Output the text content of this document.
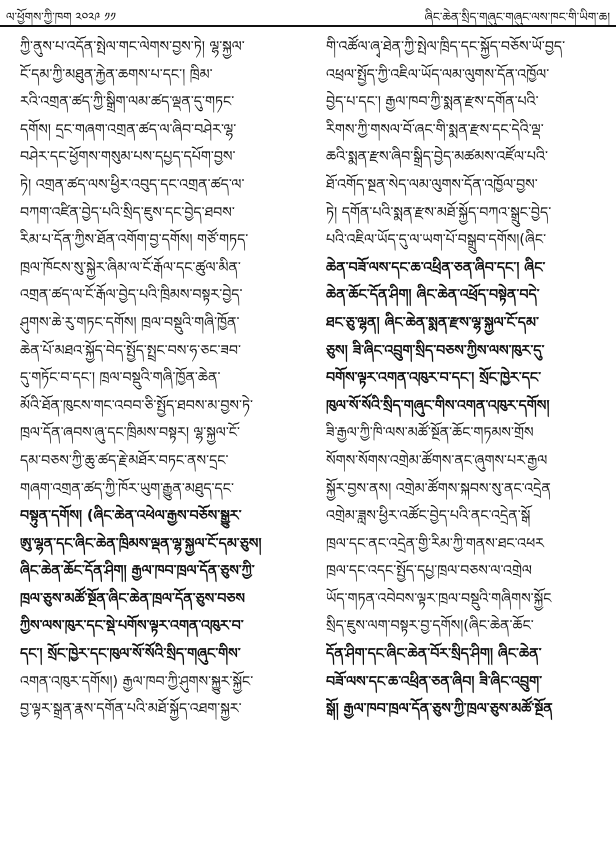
ལ་ཕྱོགས་ཀྱི་ཁག ༢༠༢༩ ༡༡	ཞིང་ཆེན་སྲིད་གཞུང་གཞུང་ལས་ཁང་གི་ཡིག་ཆ།
ཀྱི་ནུས་པ་འདོན་སྤེལ་གང་ལེགས་བྱས་ཏེ། ལྷ་སྐྱལ་
ངོ་དམ་ཀྱི་མཐུན་རྐྱེན་ཆགས་པ་དང་། ཁྲིམ་
རའི་འགྲན་ཚད་ཀྱི་སྒྲིག་ལམ་ཚད་ལྡན་དུ་གཏང་
དགོས། དྲང་གཞག་འགྲན་ཚད་ལ་ཞིབ་བཤེར་ལྷ་
བཤེར་དང་ཕྱོགས་གསུམ་པས་དཔྱད་དཔོག་བྱས་
ཏེ། འགྲན་ཚད་ལས་ཕྱིར་འབུད་དང་འགྲན་ཚད་ལ་
བཀག་འཛིན་བྱེད་པའི་སྲིད་ཇུས་དང་བྱེད་ཐབས་
རིམ་པ་དོན་ཀྱིས་ཐོན་འགོག་བྱ་དགོས། གཙོ་གཏད་
ཁྲལ་ཁོངས་སུ་སྐྱེར་ཞིམ་ལ་ངོ་རྒོལ་དང་ཚུལ་མིན་
འགྲན་ཚད་ལ་ངོ་རྒོལ་བྱེད་པའི་ཁྲིམས་བསྟར་བྱེད་
ཤུགས་ཆེ་རུ་གཏང་དགོས། ཁྲལ་བསྡུའི་གཞི་ཁྱོན་
ཆེན་པོ་མཐའ་སྐྱོད་བེད་སྤྱོད་སྤྲང་བས་ཧ་ཅང་ཟབ་
དུ་གཏོང་བ་དང་། ཁྲལ་བསྡུའི་གཞི་ཁྱོན་ཆེན་
མོའི་ཐོན་ཁུངས་གང་འབབ་ཅི་སྤྱོད་ཐབས་མ་བྱས་ཏེ་
ཁྲལ་དོན་ཞབས་ཞུ་དང་ཁྲིམས་བསྟར། ལྷ་སྐྱལ་ངོ་
དམ་བཅས་ཀྱི་ཆུ་ཚད་རྗེ་མཐོར་བཏང་ནས་དྲང་
གཞག་འགྲན་ཚད་ཀྱི་ཁོར་ཡུག་རྒྱུན་མཐུད་དང་
བསྟུན་དགོས། (ཞིང་ཆེན་འཕེལ་རྒྱས་བཅོས་སྒྱུར་
ཨུ་ལྷན་དང་ཞིང་ཆེན་ཁྲིམས་ལྡན་ལྷ་སྐྱལ་ངོ་དམ་ཅུས།
ཞིང་ཆེན་ཆོང་དོན་ཤིག། རྒྱལ་ཁབ་ཁྲལ་དོན་ཅུས་ཀྱི་
ཁྲལ་ཅུས་མཚོ་སྔོན་ཞིང་ཆེན་ཁྲལ་དོན་ཅུས་བཅས
ཀྱིས་ལས་ཁུར་དང་སྡེ་པགོས་ལྟར་འགན་འཁུར་བ་
དང་། སྲོང་ཁྱེར་དང་ཁུལ་སོ་སོའི་སྲིད་གཞུང་གིས་
འགན་འཁུར་དགོས།) རྒྱལ་ཁབ་ཀྱི་ཤུགས་སྐྱུར་སྐྱོང་
བྱ་ལྟར་སྒྲན་རྣས་དགོན་པའི་མཐོ་སྐྱོད་འཐག་སྐྱར་
གི་འཚོལ་ཞྭ་ཐེན་ཀྱི་སྤེལ་ཁྲིད་དང་སྐྱོད་བཅོས་ཡོ་བྱད་
འཕྲལ་སྤྱོད་ཀྱི་འཇིལ་ཡོད་ལམ་ལུགས་དོན་འཁྱོལ་
བྱེད་པ་དང་། རྒྱལ་ཁབ་ཀྱི་སྨན་རྫས་དགོན་པའི་
རིགས་ཀྱི་གསལ་བོ་ཞང་གི་སྨན་རྫས་དང་དེའི་ལྡ་
ཆའི་སྨན་རྫས་ཞིབ་སྒྲིད་བྱེད་མཚམས་འཛོལ་པའི་
ཐོ་འགོད་སྔན་སེད་ལམ་ལུགས་དོན་འཁྱོལ་བྱས་
ཏེ། དགོན་པའི་སྨན་རྫས་མཐོ་སྐྱོད་བཀའ་སྒྲུང་བྱེད་
པའི་འཇིལ་ཡོད་དུ་ལ་ཡག་པོ་བསྒྲུབ་དགོས།(ཞིང་
ཆེན་བཟོ་ལས་དང་ཆ་འཕྲིན་ཅན་ཞིབ་དང་། ཞིང་
ཆེན་ཆོང་དོན་ཤིག། ཞིང་ཆེན་འཕྲོད་བསྟེན་བདེ་
ཐང་ཅུ་ལྷན། ཞིང་ཆེན་སྨན་རྫས་ལྷ་སྐྱལ་ངོ་དམ་
ཅུས། ཟི་ཞིང་འབྲུག་སྲིད་བཅས་ཀྱིས་ལས་ཁུར་དུ་
བགོས་ལྟར་འགན་འཁུར་བ་དང་། སྲོང་ཁྱེར་དང་
ཁུལ་སོ་སོའི་སྲིད་གཞུང་གིས་འགན་འཁུར་དགོས།
ཟི་རྒྱལ་ཀྱི་ཁི་ལས་མཚོ་སྔོན་ཆོང་གཏམས་གྲོས
སོགས་སོགས་འགྲེམ་ཚོགས་ནང་ཞུགས་པར་རྒྱལ
སྐྱོར་བྱས་ནས། འགྲེམ་ཚོགས་སྐབས་སུ་ནང་འདྲེན
འགྲེམ་ཟླས་ཕྱིར་འཚོང་བྱེད་པའི་ནང་འདྲེན་སྒོ
ཁྲལ་དང་ནང་འདྲེན་གྱི་རིམ་ཀྱི་གནས་ཐང་འཕར
ཁྲལ་དང་འདང་སྤྱོད་དཔྱ་ཁྲལ་བཅས་ལ་འགྲེལ
ཡོད་གཏན་འབེབས་ལྟར་ཁྲལ་བསྡུའི་གཞིགས་སྐྱོང
སྲིད་ཇུས་ལག་བསྟར་བྱ་དགོས།(ཞིང་ཆེན་ཆོང་
དོན་ཤིག་དང་ཞིང་ཆེན་བོར་སྲིད་ཤིག། ཞིང་ཆེན་
བཟོ་ལས་དང་ཆ་འཕྲིན་ཅན་ཞིབ། ཟི་ཞིང་འབྲུག་
སྒོ། རྒྱལ་ཁབ་ཁྲལ་དོན་ཅུས་ཀྱི་ཁྲལ་ཅུས་མཚོ་སྔོན
